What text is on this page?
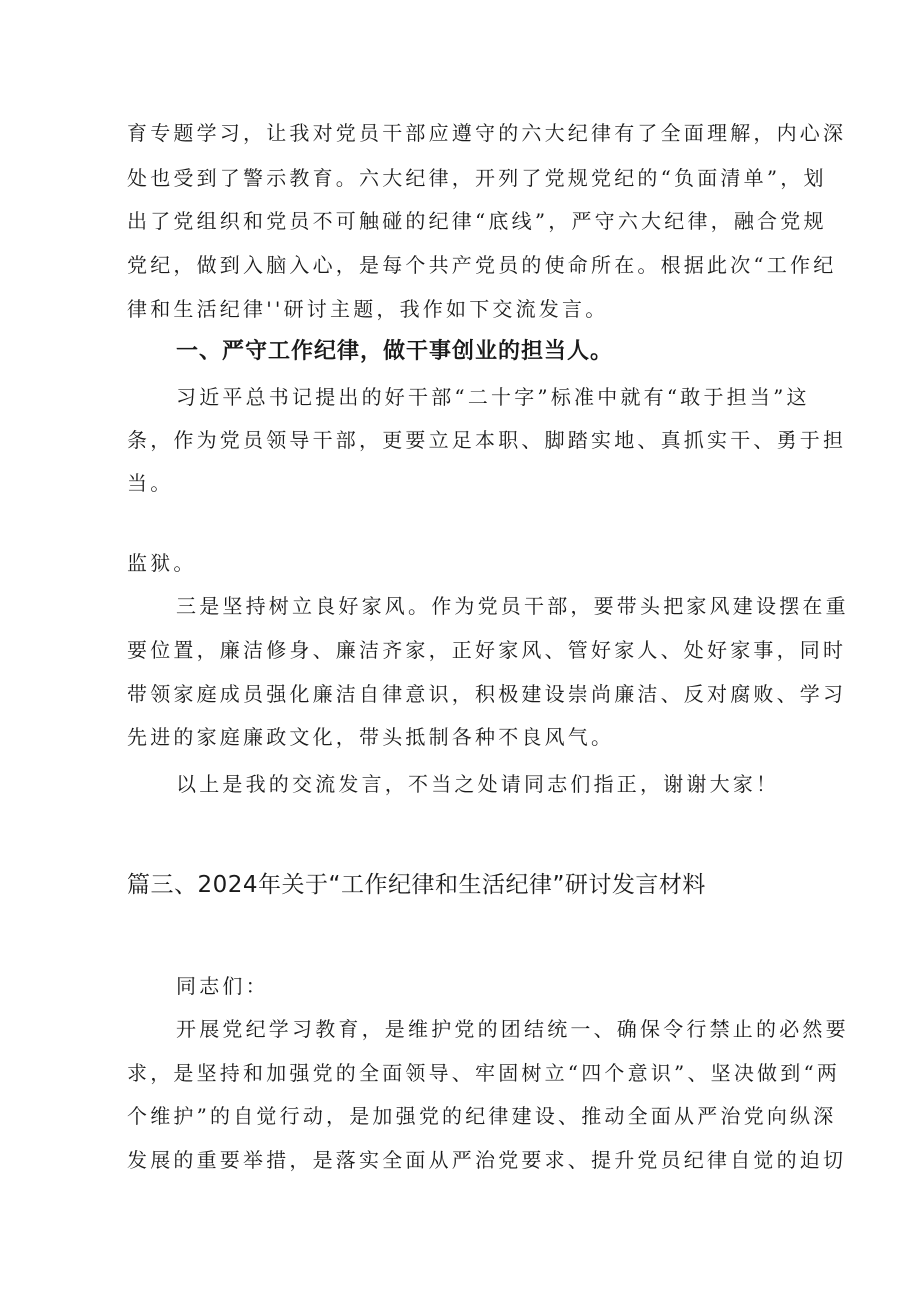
育专题学习，让我对党员干部应遵守的六大纪律有了全面理解，内心深
处也受到了警示教育。六大纪律，开列了党规党纪的“负面清单”，划
出了党组织和党员不可触碰的纪律“底线”，严守六大纪律，融合党规
党纪，做到入脑入心，是每个共产党员的使命所在。根据此次“工作纪
律和生活纪律''研讨主题，我作如下交流发言。
一、严守工作纪律，做干事创业的担当人。
习近平总书记提出的好干部“二十字”标准中就有“敢于担当”这
条，作为党员领导干部，更要立足本职、脚踏实地、真抓实干、勇于担
当。
监狱。
三是坚持树立良好家风。作为党员干部，要带头把家风建设摆在重
要位置，廉洁修身、廉洁齐家，正好家风、管好家人、处好家事，同时
带领家庭成员强化廉洁自律意识，积极建设崇尚廉洁、反对腐败、学习
先进的家庭廉政文化，带头抵制各种不良风气。
以上是我的交流发言，不当之处请同志们指正，谢谢大家！
篇三、2024年关于“工作纪律和生活纪律”研讨发言材料
同志们：
开展党纪学习教育，是维护党的团结统一、确保令行禁止的必然要
求，是坚持和加强党的全面领导、牢固树立“四个意识”、坚决做到“两
个维护”的自觉行动，是加强党的纪律建设、推动全面从严治党向纵深
发展的重要举措，是落实全面从严治党要求、提升党员纪律自觉的迫切
